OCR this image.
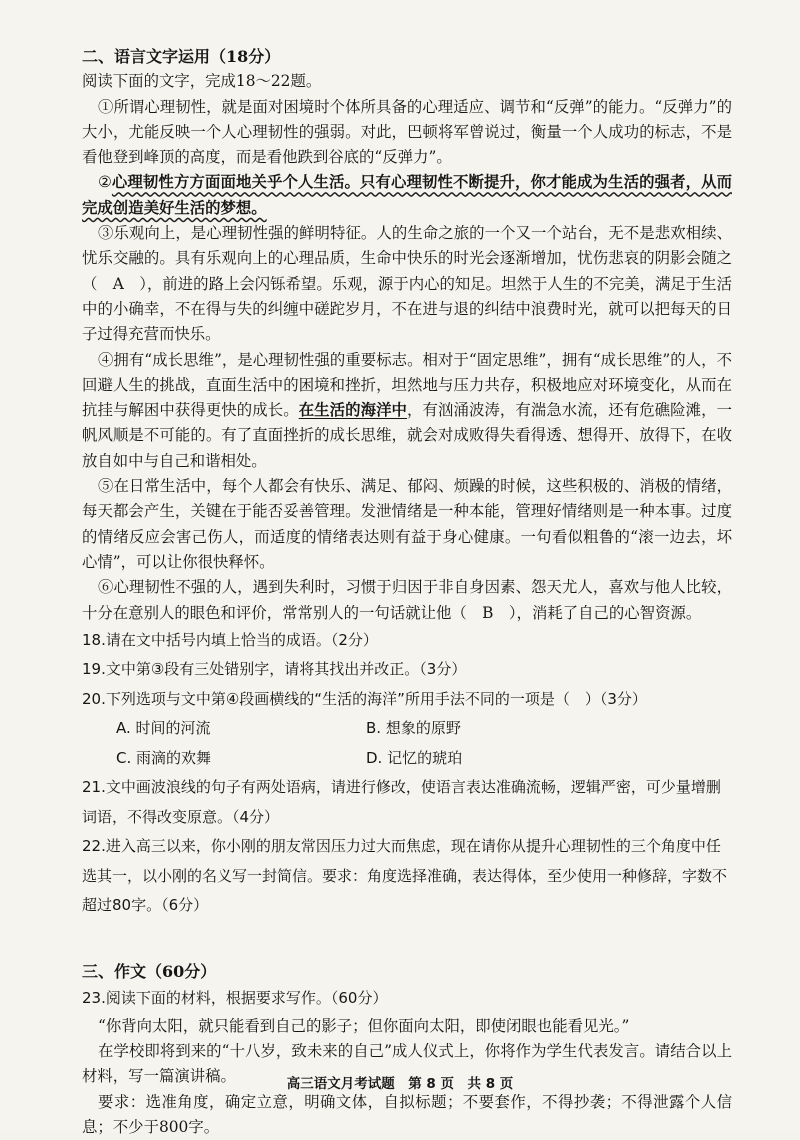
二、语言文字运用（18分）

阅读下面的文字，完成18～22题。

①所谓心理韧性，就是面对困境时个体所具备的心理适应、调节和“反弹”的能力。“反弹力”的大小，尤能反映一个人心理韧性的强弱。对此，巴顿将军曾说过，衡量一个人成功的标志，不是看他登到峰顶的高度，而是看他跌到谷底的“反弹力”。

②心理韧性方方面面地关乎个人生活。只有心理韧性不断提升，你才能成为生活的强者，从而完成创造美好生活的梦想。

③乐观向上，是心理韧性强的鲜明特征。人的生命之旅的一个又一个站台，无不是悲欢相续、忧乐交融的。具有乐观向上的心理品质，生命中快乐的时光会逐渐增加，忧伤悲哀的阴影会随之（　A　），前进的路上会闪铄希望。乐观，源于内心的知足。坦然于人生的不完美，满足于生活中的小确幸，不在得与失的纠缠中磋跎岁月，不在进与退的纠结中浪费时光，就可以把每天的日子过得充营而快乐。

④拥有“成长思维”，是心理韧性强的重要标志。相对于“固定思维”，拥有“成长思维”的人，不回避人生的挑战，直面生活中的困境和挫折，坦然地与压力共存，积极地应对环境变化，从而在抗挂与解困中获得更快的成长。在生活的海洋中，有汹涌波涛，有湍急水流，还有危礁险滩，一帆风顺是不可能的。有了直面挫折的成长思维，就会对成败得失看得透、想得开、放得下，在收放自如中与自己和谐相处。

⑤在日常生活中，每个人都会有快乐、满足、郁闷、烦躁的时候，这些积极的、消极的情绪，每天都会产生，关键在于能否妥善管理。发泄情绪是一种本能，管理好情绪则是一种本事。过度的情绪反应会害己伤人，而适度的情绪表达则有益于身心健康。一句看似粗鲁的“滚一边去，坏心情”，可以让你很快释怀。

⑥心理韧性不强的人，遇到失利时，习惯于归因于非自身因素、怨天尤人，喜欢与他人比较，十分在意别人的眼色和评价，常常别人的一句话就让他（　B　），消耗了自己的心智资源。

18.请在文中括号内填上恰当的成语。（2分）

19.文中第③段有三处错别字，请将其找出并改正。（3分）

20.下列选项与文中第④段画横线的“生活的海洋”所用手法不同的一项是（　）（3分）

A. 时间的河流	B. 想象的原野
C. 雨滴的欢舞	D. 记忆的琥珀

21.文中画波浪线的句子有两处语病，请进行修改，使语言表达准确流畅，逻辑严密，可少量增删词语，不得改变原意。（4分）

22.进入高三以来，你小刚的朋友常因压力过大而焦虑，现在请你从提升心理韧性的三个角度中任选其一，以小刚的名义写一封简信。要求：角度选择准确，表达得体，至少使用一种修辞，字数不超过80字。（6分）

三、作文（60分）

23.阅读下面的材料，根据要求写作。（60分）

“你背向太阳，就只能看到自己的影子；但你面向太阳，即使闭眼也能看见光。”

在学校即将到来的“十八岁，致未来的自己”成人仪式上，你将作为学生代表发言。请结合以上材料，写一篇演讲稿。

要求：选准角度，确定立意，明确文体，自拟标题；不要套作，不得抄袭；不得泄露个人信息；不少于800字。

高三语文月考试题　第 8 页　共 8 页
